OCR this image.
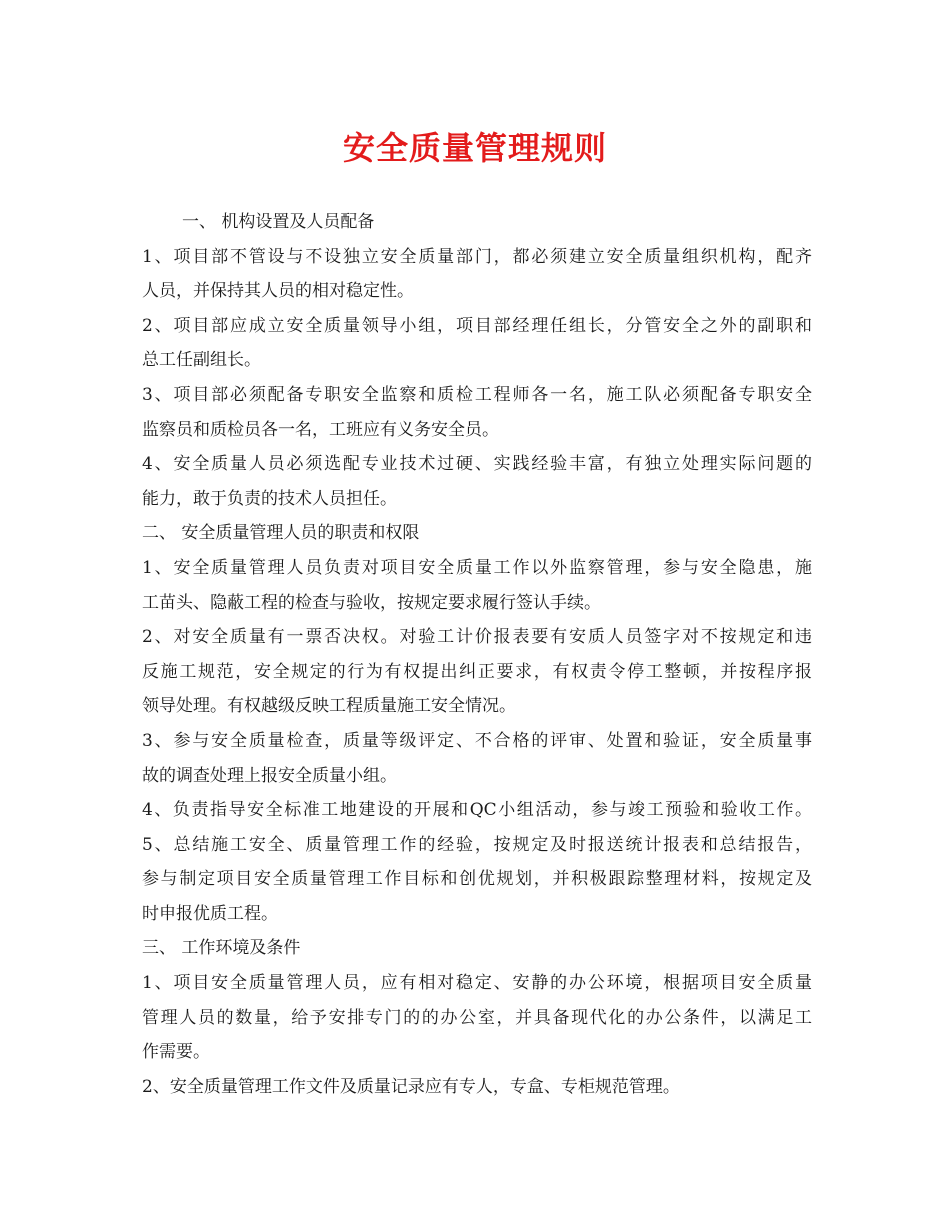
安全质量管理规则

一、 机构设置及人员配备

1、项目部不管设与不设独立安全质量部门，都必须建立安全质量组织机构，配齐

人员，并保持其人员的相对稳定性。

2、项目部应成立安全质量领导小组，项目部经理任组长，分管安全之外的副职和

总工任副组长。

3、项目部必须配备专职安全监察和质检工程师各一名，施工队必须配备专职安全

监察员和质检员各一名，工班应有义务安全员。

4、安全质量人员必须选配专业技术过硬、实践经验丰富，有独立处理实际问题的

能力，敢于负责的技术人员担任。

二、 安全质量管理人员的职责和权限

1、安全质量管理人员负责对项目安全质量工作以外监察管理，参与安全隐患，施

工苗头、隐蔽工程的检查与验收，按规定要求履行签认手续。

2、对安全质量有一票否决权。对验工计价报表要有安质人员签字对不按规定和违

反施工规范，安全规定的行为有权提出纠正要求，有权责令停工整顿，并按程序报

领导处理。有权越级反映工程质量施工安全情况。

3、参与安全质量检查，质量等级评定、不合格的评审、处置和验证，安全质量事

故的调查处理上报安全质量小组。

4、负责指导安全标准工地建设的开展和QC小组活动，参与竣工预验和验收工作。

5、总结施工安全、质量管理工作的经验，按规定及时报送统计报表和总结报告，

参与制定项目安全质量管理工作目标和创优规划，并积极跟踪整理材料，按规定及

时申报优质工程。

三、 工作环境及条件

1、项目安全质量管理人员，应有相对稳定、安静的办公环境，根据项目安全质量

管理人员的数量，给予安排专门的的办公室，并具备现代化的办公条件，以满足工

作需要。

2、安全质量管理工作文件及质量记录应有专人，专盒、专柜规范管理。
